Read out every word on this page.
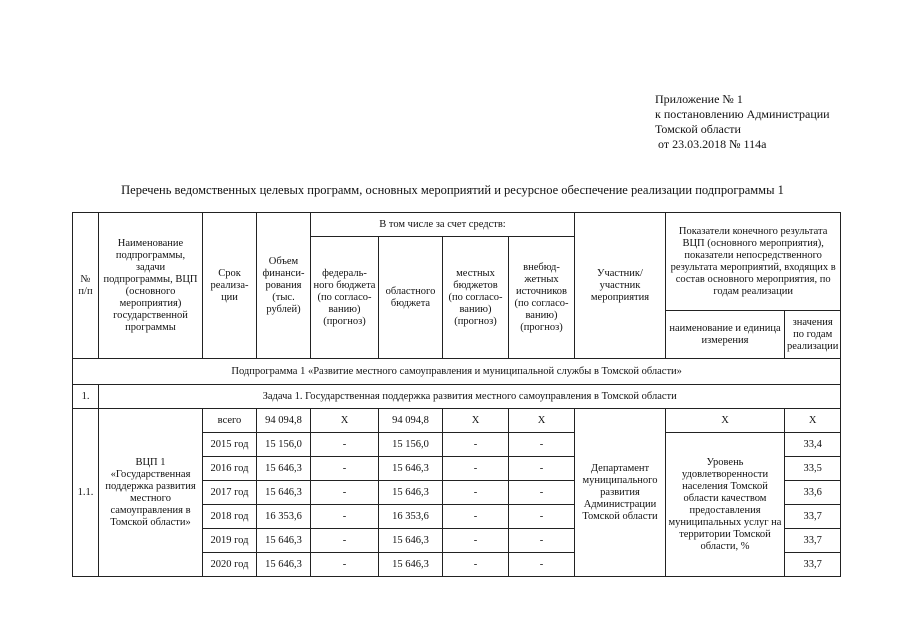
Приложение № 1
к постановлению Администрации
Томской области
от 23.03.2018 № 114а
Перечень ведомственных целевых программ, основных мероприятий и ресурсное обеспечение реализации подпрограммы 1
№ п/п	Наименование подпрограммы, задачи подпрограммы, ВЦП (основного мероприятия) государственной программы	Срок реализа-ции	Объем финанси-рования (тыс. рублей)	В том числе за счет средств:				Участник/ участник мероприятия	Показатели конечного результата ВЦП (основного мероприятия), показатели непосредственного результата мероприятий, входящих в состав основного мероприятия, по годам реализации	
				федераль-ного бюджета (по согласо-ванию) (прогноз)	областного бюджета	местных бюджетов (по согласо-ванию) (прогноз)	внебюд-жетных источников (по согласо-ванию) (прогноз)			
									наименование и единица измерения	значения по годам реализации
Подпрограмма 1 «Развитие местного самоуправления и муниципальной службы в Томской области»										
1.	Задача 1. Государственная поддержка развития местного самоуправления в Томской области									
1.1.	ВЦП 1 «Государственная поддержка развития местного самоуправления в Томской области»	всего	94 094,8	Х	94 094,8	Х	Х	Департамент муниципального развития Администрации Томской области	Х	Х
		2015 год	15 156,0	-	15 156,0	-	-		Уровень удовлетворенности населения Томской области качеством предоставления муниципальных услуг на территории Томской области, %	33,4
		2016 год	15 646,3	-	15 646,3	-	-			33,5
		2017 год	15 646,3	-	15 646,3	-	-			33,6
		2018 год	16 353,6	-	16 353,6	-	-			33,7
		2019 год	15 646,3	-	15 646,3	-	-			33,7
		2020 год	15 646,3	-	15 646,3	-	-			33,7
